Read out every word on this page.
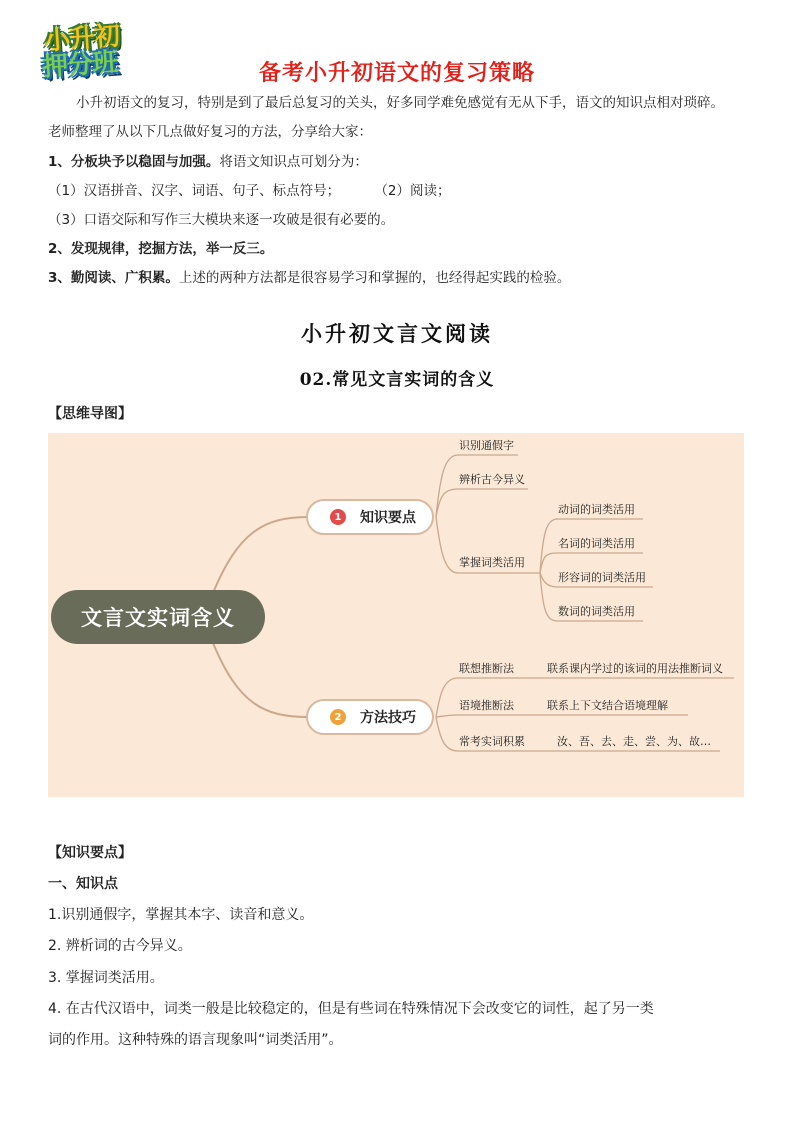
小升初
押分班	备考小升初语文的复习策略
小升初语文的复习，特别是到了最后总复习的关头，好多同学难免感觉有无从下手，语文的知识点相对琐碎。
老师整理了从以下几点做好复习的方法，分享给大家：
1、分板块予以稳固与加强。将语文知识点可划分为：
（1）汉语拼音、汉字、词语、句子、标点符号；        （2）阅读；
（3）口语交际和写作三大模块来逐一攻破是很有必要的。
2、发现规律，挖掘方法，举一反三。
3、勤阅读、广积累。上述的两种方法都是很容易学习和掌握的，也经得起实践的检验。
小升初文言文阅读
02.常见文言实词的含义
【思维导图】
文言文实词含义
1	知识要点
2	方法技巧
识别通假字
辨析古今异义
掌握词类活用
动词的词类活用
名词的词类活用
形容词的词类活用
数词的词类活用
联想推断法	联系课内学过的该词的用法推断词义
语境推断法	联系上下文结合语境理解
常考实词积累	汝、吾、去、走、尝、为、故…
【知识要点】
一、知识点
1.识别通假字，掌握其本字、读音和意义。
2. 辨析词的古今异义。
3. 掌握词类活用。
4. 在古代汉语中，词类一般是比较稳定的，但是有些词在特殊情况下会改变它的词性，起了另一类
词的作用。这种特殊的语言现象叫“词类活用”。
